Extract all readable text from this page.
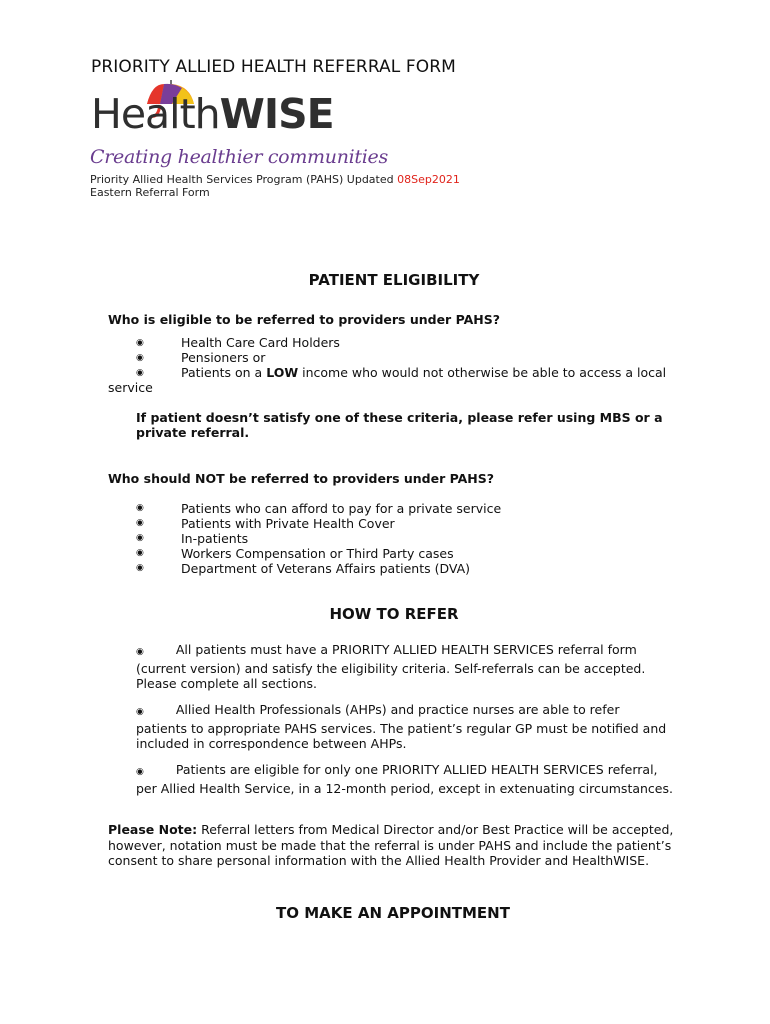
PRIORITY ALLIED HEALTH REFERRAL FORM
HealthWISE
Creating healthier communities
Priority Allied Health Services Program (PAHS) Updated 08Sep2021
Eastern Referral Form
PATIENT ELIGIBILITY
Who is eligible to be referred to providers under PAHS?
◉	Health Care Card Holders
◉	Pensioners or
◉	Patients on a LOW income who would not otherwise be able to access a local
service
If patient doesn’t satisfy one of these criteria, please refer using MBS or a
private referral.
Who should NOT be referred to providers under PAHS?
◉	Patients who can afford to pay for a private service
◉	Patients with Private Health Cover
◉	In-patients
◉	Workers Compensation or Third Party cases
◉	Department of Veterans Affairs patients (DVA)
HOW TO REFER
◉	All patients must have a PRIORITY ALLIED HEALTH SERVICES referral form
(current version) and satisfy the eligibility criteria. Self-referrals can be accepted.
Please complete all sections.
◉	Allied Health Professionals (AHPs) and practice nurses are able to refer
patients to appropriate PAHS services. The patient’s regular GP must be notified and
included in correspondence between AHPs.
◉	Patients are eligible for only one PRIORITY ALLIED HEALTH SERVICES referral,
per Allied Health Service, in a 12-month period, except in extenuating circumstances.
Please Note: Referral letters from Medical Director and/or Best Practice will be accepted,
however, notation must be made that the referral is under PAHS and include the patient’s
consent to share personal information with the Allied Health Provider and HealthWISE.
TO MAKE AN APPOINTMENT
